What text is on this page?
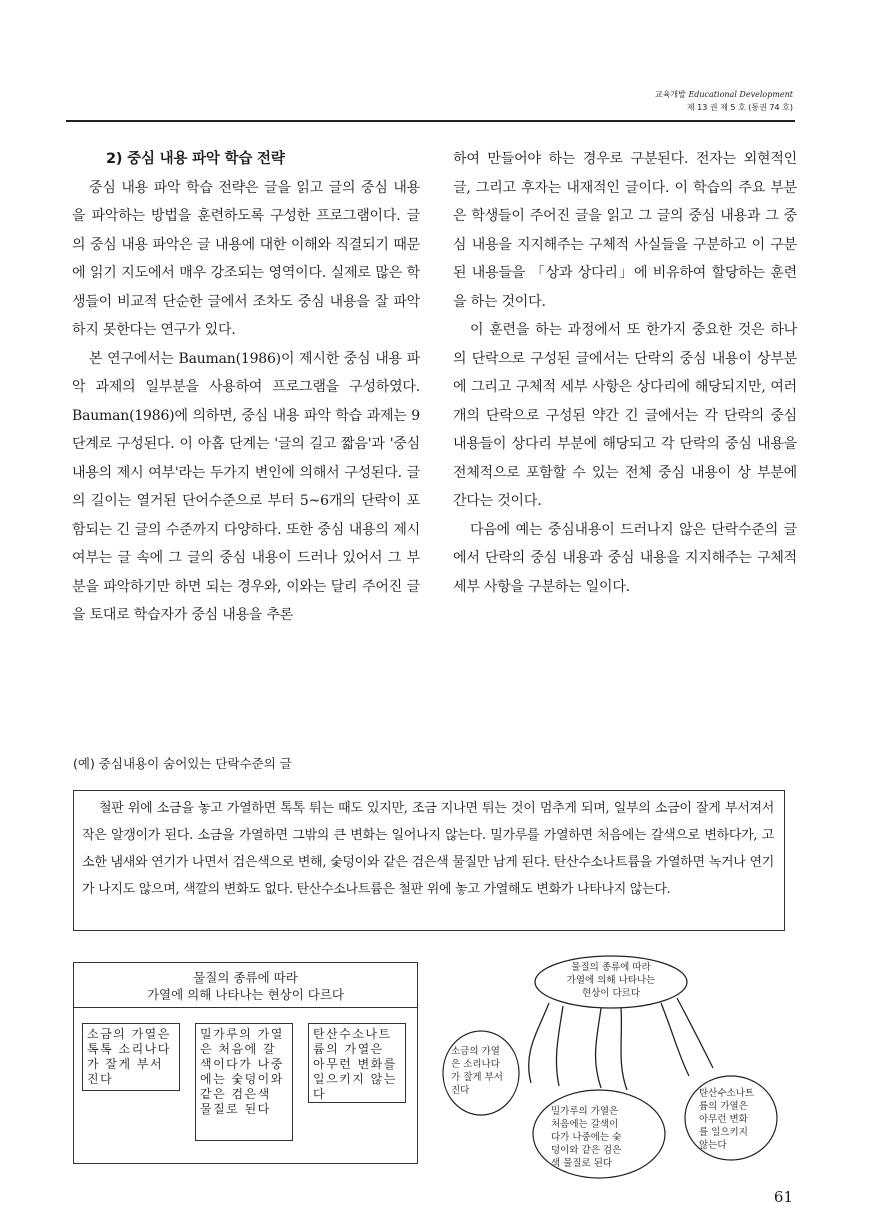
교육개발 Educational Development
제 13 권 제 5 호 (통권 74 호)
2) 중심 내용 파악 학습 전략

중심 내용 파악 학습 전략은 글을 읽고 글의 중심 내용을 파악하는 방법을 훈련하도록 구성한 프로그램이다. 글의 중심 내용 파악은 글 내용에 대한 이해와 직결되기 때문에 읽기 지도에서 매우 강조되는 영역이다. 실제로 많은 학생들이 비교적 단순한 글에서 조차도 중심 내용을 잘 파악하지 못한다는 연구가 있다.

본 연구에서는 Bauman(1986)이 제시한 중심 내용 파악 과제의 일부분을 사용하여 프로그램을 구성하였다. Bauman(1986)에 의하면, 중심 내용 파악 학습 과제는 9단계로 구성된다. 이 아홉 단계는 '글의 길고 짧음'과 '중심 내용의 제시 여부'라는 두가지 변인에 의해서 구성된다. 글의 길이는 열거된 단어수준으로 부터 5~6개의 단락이 포함되는 긴 글의 수준까지 다양하다. 또한 중심 내용의 제시 여부는 글 속에 그 글의 중심 내용이 드러나 있어서 그 부분을 파악하기만 하면 되는 경우와, 이와는 달리 주어진 글을 토대로 학습자가 중심 내용을 추론

하여 만들어야 하는 경우로 구분된다. 전자는 외현적인 글, 그리고 후자는 내재적인 글이다. 이 학습의 주요 부분은 학생들이 주어진 글을 읽고 그 글의 중심 내용과 그 중심 내용을 지지해주는 구체적 사실들을 구분하고 이 구분된 내용들을 「상과 상다리」에 비유하여 할당하는 훈련을 하는 것이다.

이 훈련을 하는 과정에서 또 한가지 중요한 것은 하나의 단락으로 구성된 글에서는 단락의 중심 내용이 상부분에 그리고 구체적 세부 사항은 상다리에 해당되지만, 여러 개의 단락으로 구성된 약간 긴 글에서는 각 단락의 중심 내용들이 상다리 부분에 해당되고 각 단락의 중심 내용을 전체적으로 포함할 수 있는 전체 중심 내용이 상 부분에 간다는 것이다.

다음에 예는 중심내용이 드러나지 않은 단락수준의 글에서 단락의 중심 내용과 중심 내용을 지지해주는 구체적 세부 사항을 구분하는 일이다.

(예) 중심내용이 숨어있는 단락수준의 글

철판 위에 소금을 놓고 가열하면 톡톡 튀는 때도 있지만, 조금 지나면 튀는 것이 멈추게 되며, 일부의 소금이 잘게 부서져서 작은 알갱이가 된다. 소금을 가열하면 그밖의 큰 변화는 일어나지 않는다. 밀가루를 가열하면 처음에는 갈색으로 변하다가, 고소한 냄새와 연기가 나면서 검은색으로 변해, 숯덩이와 같은 검은색 물질만 남게 된다. 탄산수소나트륨을 가열하면 녹거나 연기가 나지도 않으며, 색깔의 변화도 없다. 탄산수소나트륨은 철판 위에 놓고 가열해도 변화가 나타나지 않는다.

물질의 종류에 따라
가열에 의해 나타나는 현상이 다르다
소금의 가열은 톡톡 소리나다가 잘게 부서진다
밀가루의 가열은 처음에 갈색이다가 나중에는 숯덩이와 같은 검은색 물질로 된다
탄산수소나트륨의 가열은 아무런 변화를 일으키지 않는다
물질의 종류에 따라
가열에 의해 나타나는
현상이 다르다
소금의 가열
은 소리나다
가 잘게 부서
진다
밀가루의 가열은
처음에는 갈색이
다가 나중에는 숯
덩이와 같은 검은
색 물질로 된다
탄산수소나트
륨의 가열은
아무런 변화
를 일으키지
않는다
61
